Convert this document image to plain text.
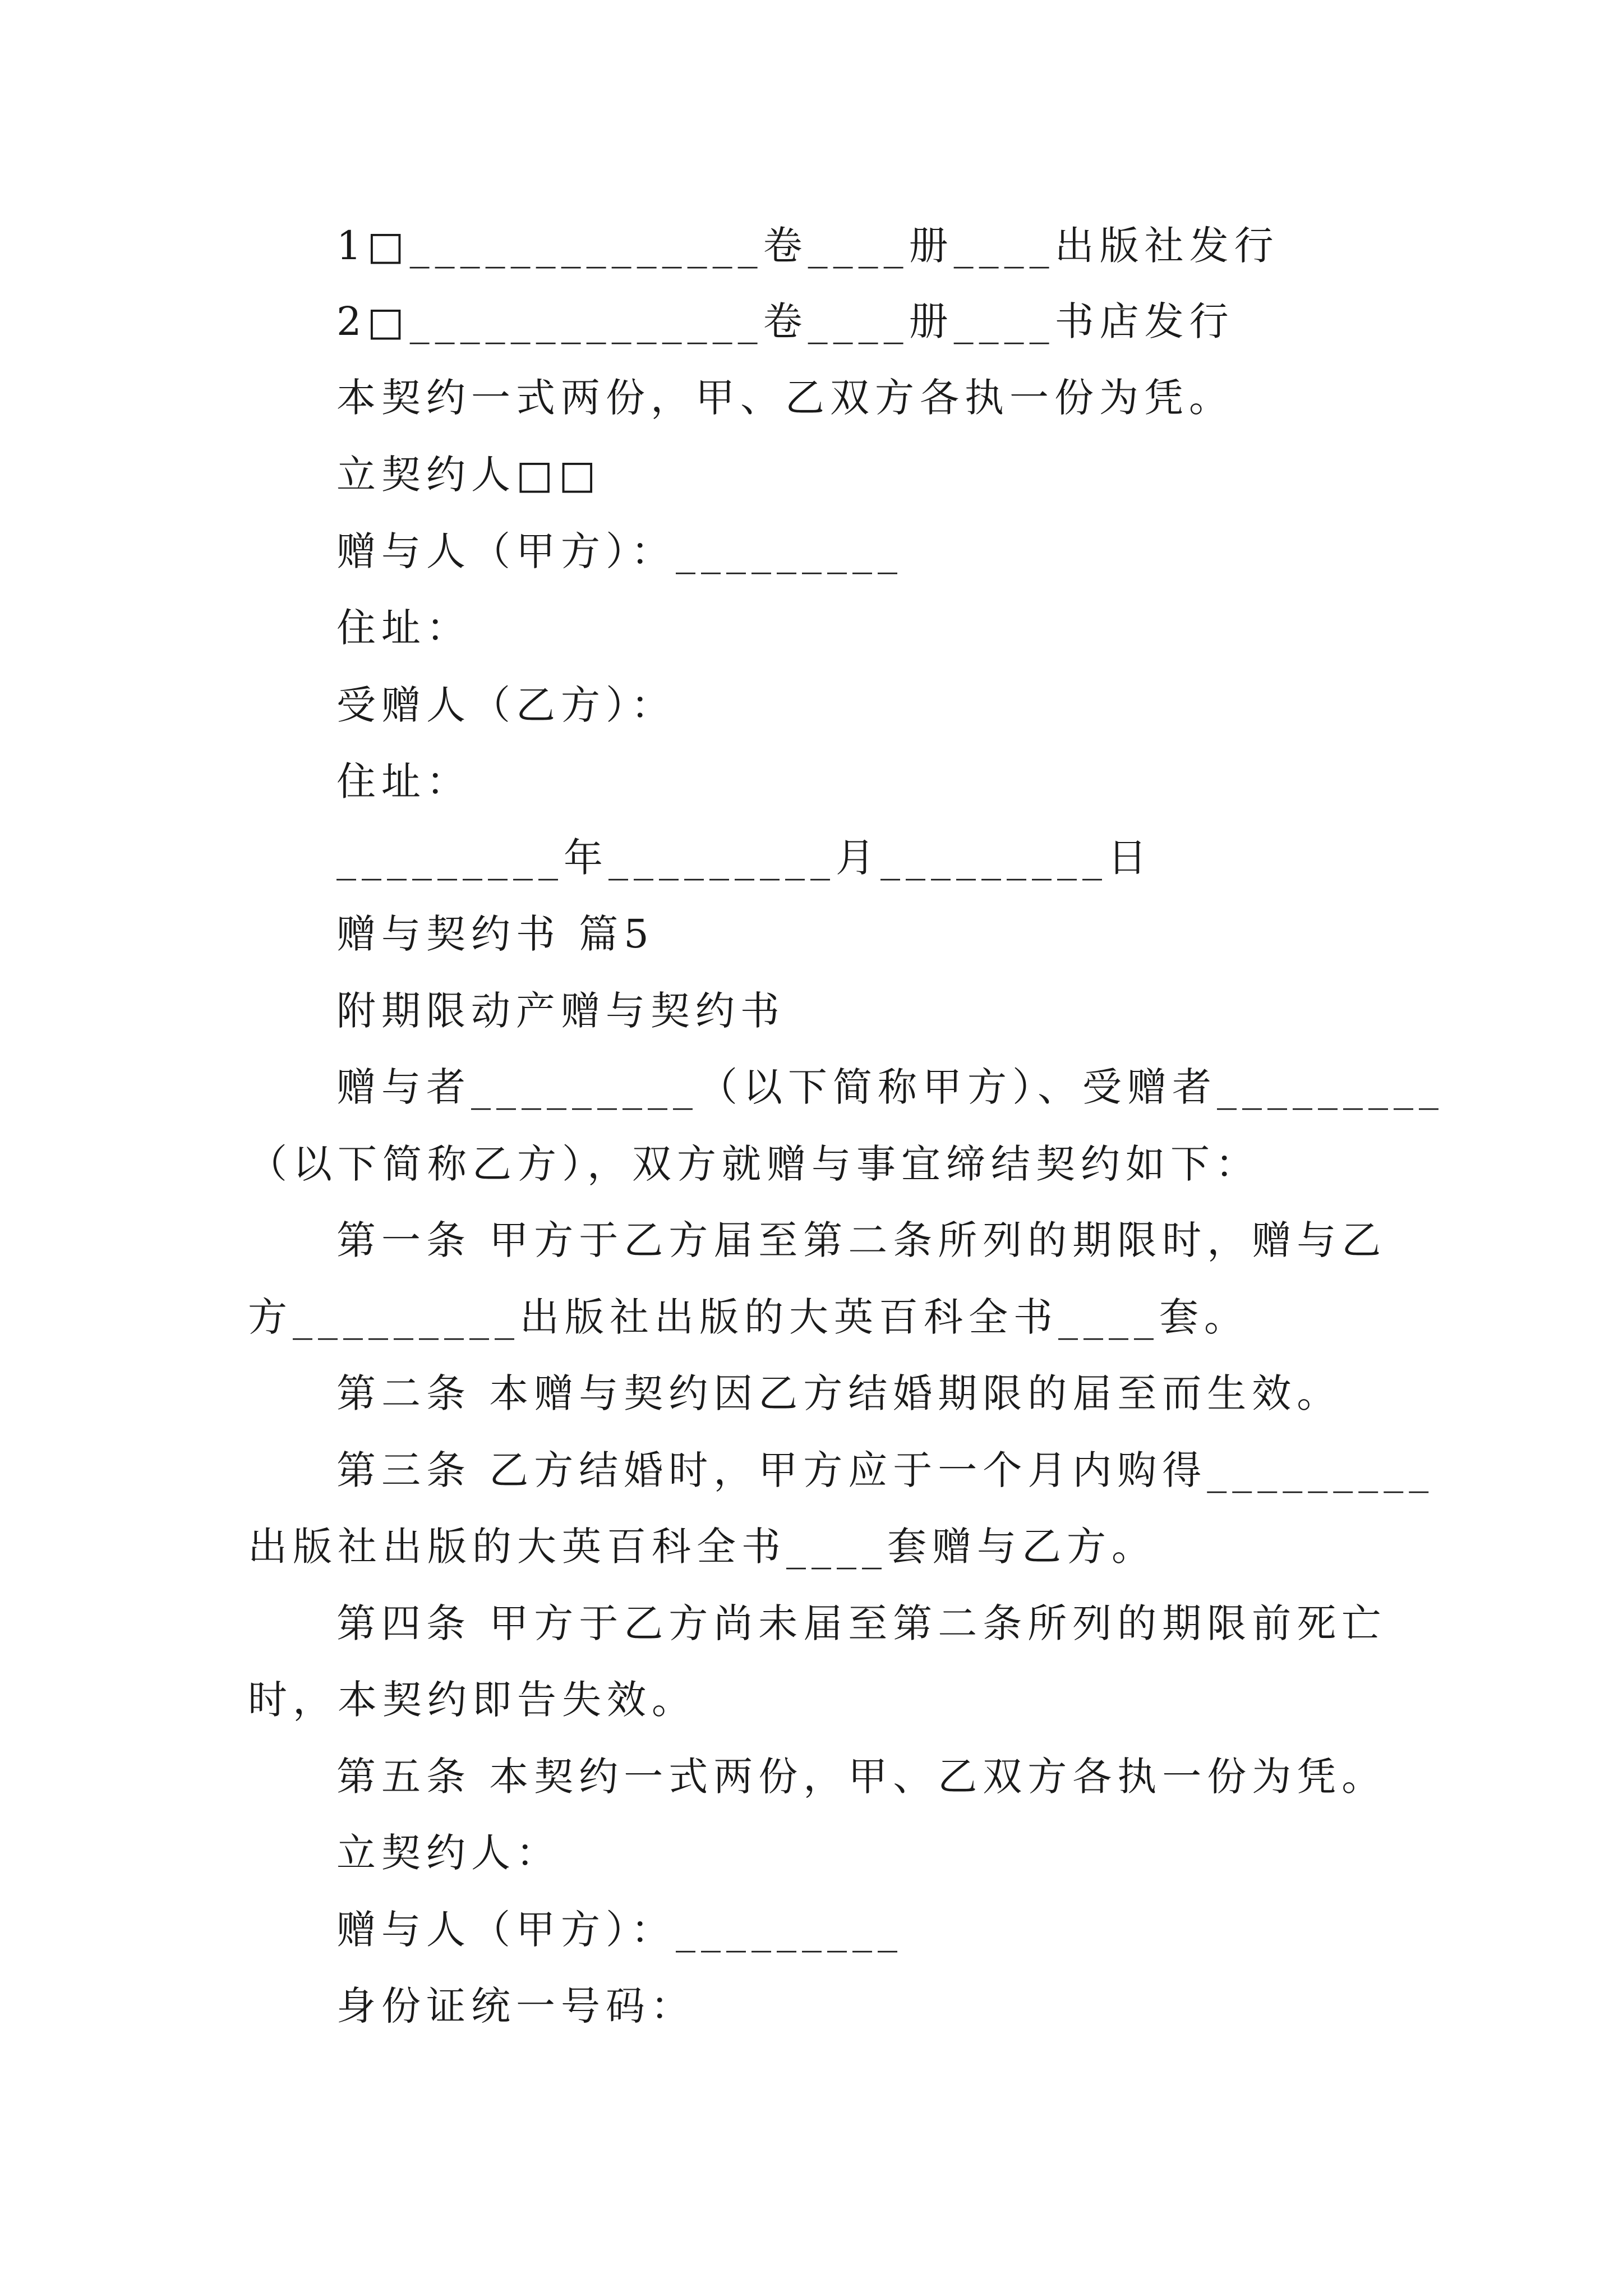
1□______________卷____册____出版社发行
2□______________卷____册____书店发行
本契约一式两份，甲、乙双方各执一份为凭。
立契约人□□
赠与人（甲方）：_________
住址：
受赠人（乙方）：
住址：
_________年_________月_________日
赠与契约书 篇5
附期限动产赠与契约书
赠与者_________（以下简称甲方）、受赠者_________
（以下简称乙方），双方就赠与事宜缔结契约如下：
第一条 甲方于乙方届至第二条所列的期限时，赠与乙
方_________出版社出版的大英百科全书____套。
第二条 本赠与契约因乙方结婚期限的届至而生效。
第三条 乙方结婚时，甲方应于一个月内购得_________
出版社出版的大英百科全书____套赠与乙方。
第四条 甲方于乙方尚未届至第二条所列的期限前死亡
时，本契约即告失效。
第五条 本契约一式两份，甲、乙双方各执一份为凭。
立契约人：
赠与人（甲方）：_________
身份证统一号码：
